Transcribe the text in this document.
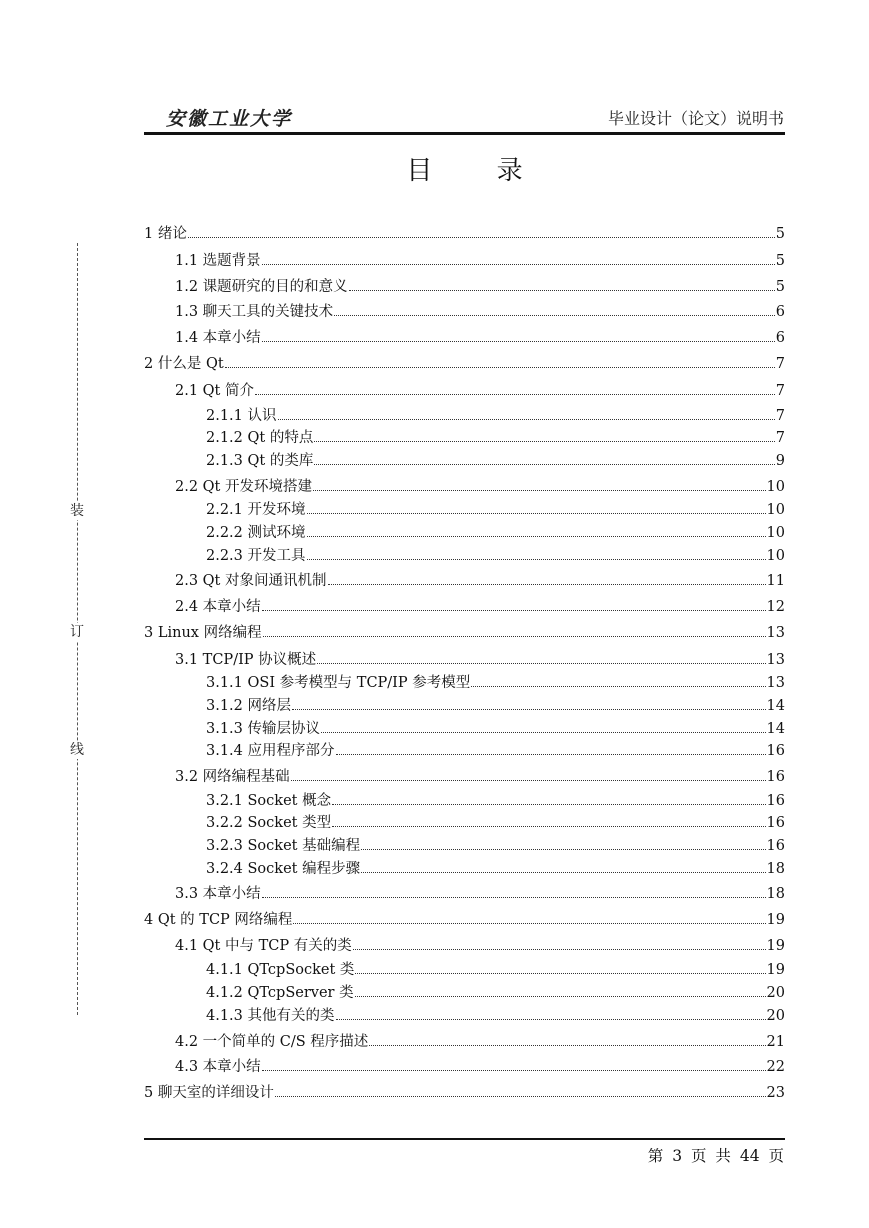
安徽工业大学	毕业设计（论文）说明书
目 录
装
订
线
1 绪论	5
1.1 选题背景	5
1.2 课题研究的目的和意义	5
1.3 聊天工具的关键技术	6
1.4 本章小结	6
2 什么是 Qt	7
2.1 Qt 简介	7
2.1.1 认识	7
2.1.2 Qt 的特点	7
2.1.3 Qt 的类库	9
2.2 Qt 开发环境搭建	10
2.2.1 开发环境	10
2.2.2 测试环境	10
2.2.3 开发工具	10
2.3 Qt 对象间通讯机制	11
2.4 本章小结	12
3 Linux 网络编程	13
3.1 TCP/IP 协议概述	13
3.1.1 OSI 参考模型与 TCP/IP 参考模型	13
3.1.2 网络层	14
3.1.3 传输层协议	14
3.1.4 应用程序部分	16
3.2 网络编程基础	16
3.2.1 Socket 概念	16
3.2.2 Socket 类型	16
3.2.3 Socket 基础编程	16
3.2.4 Socket 编程步骤	18
3.3 本章小结	18
4 Qt 的 TCP 网络编程	19
4.1 Qt 中与 TCP 有关的类	19
4.1.1 QTcpSocket 类	19
4.1.2 QTcpServer 类	20
4.1.3 其他有关的类	20
4.2 一个简单的 C/S 程序描述	21
4.3 本章小结	22
5 聊天室的详细设计	23
第 3 页 共 44 页
